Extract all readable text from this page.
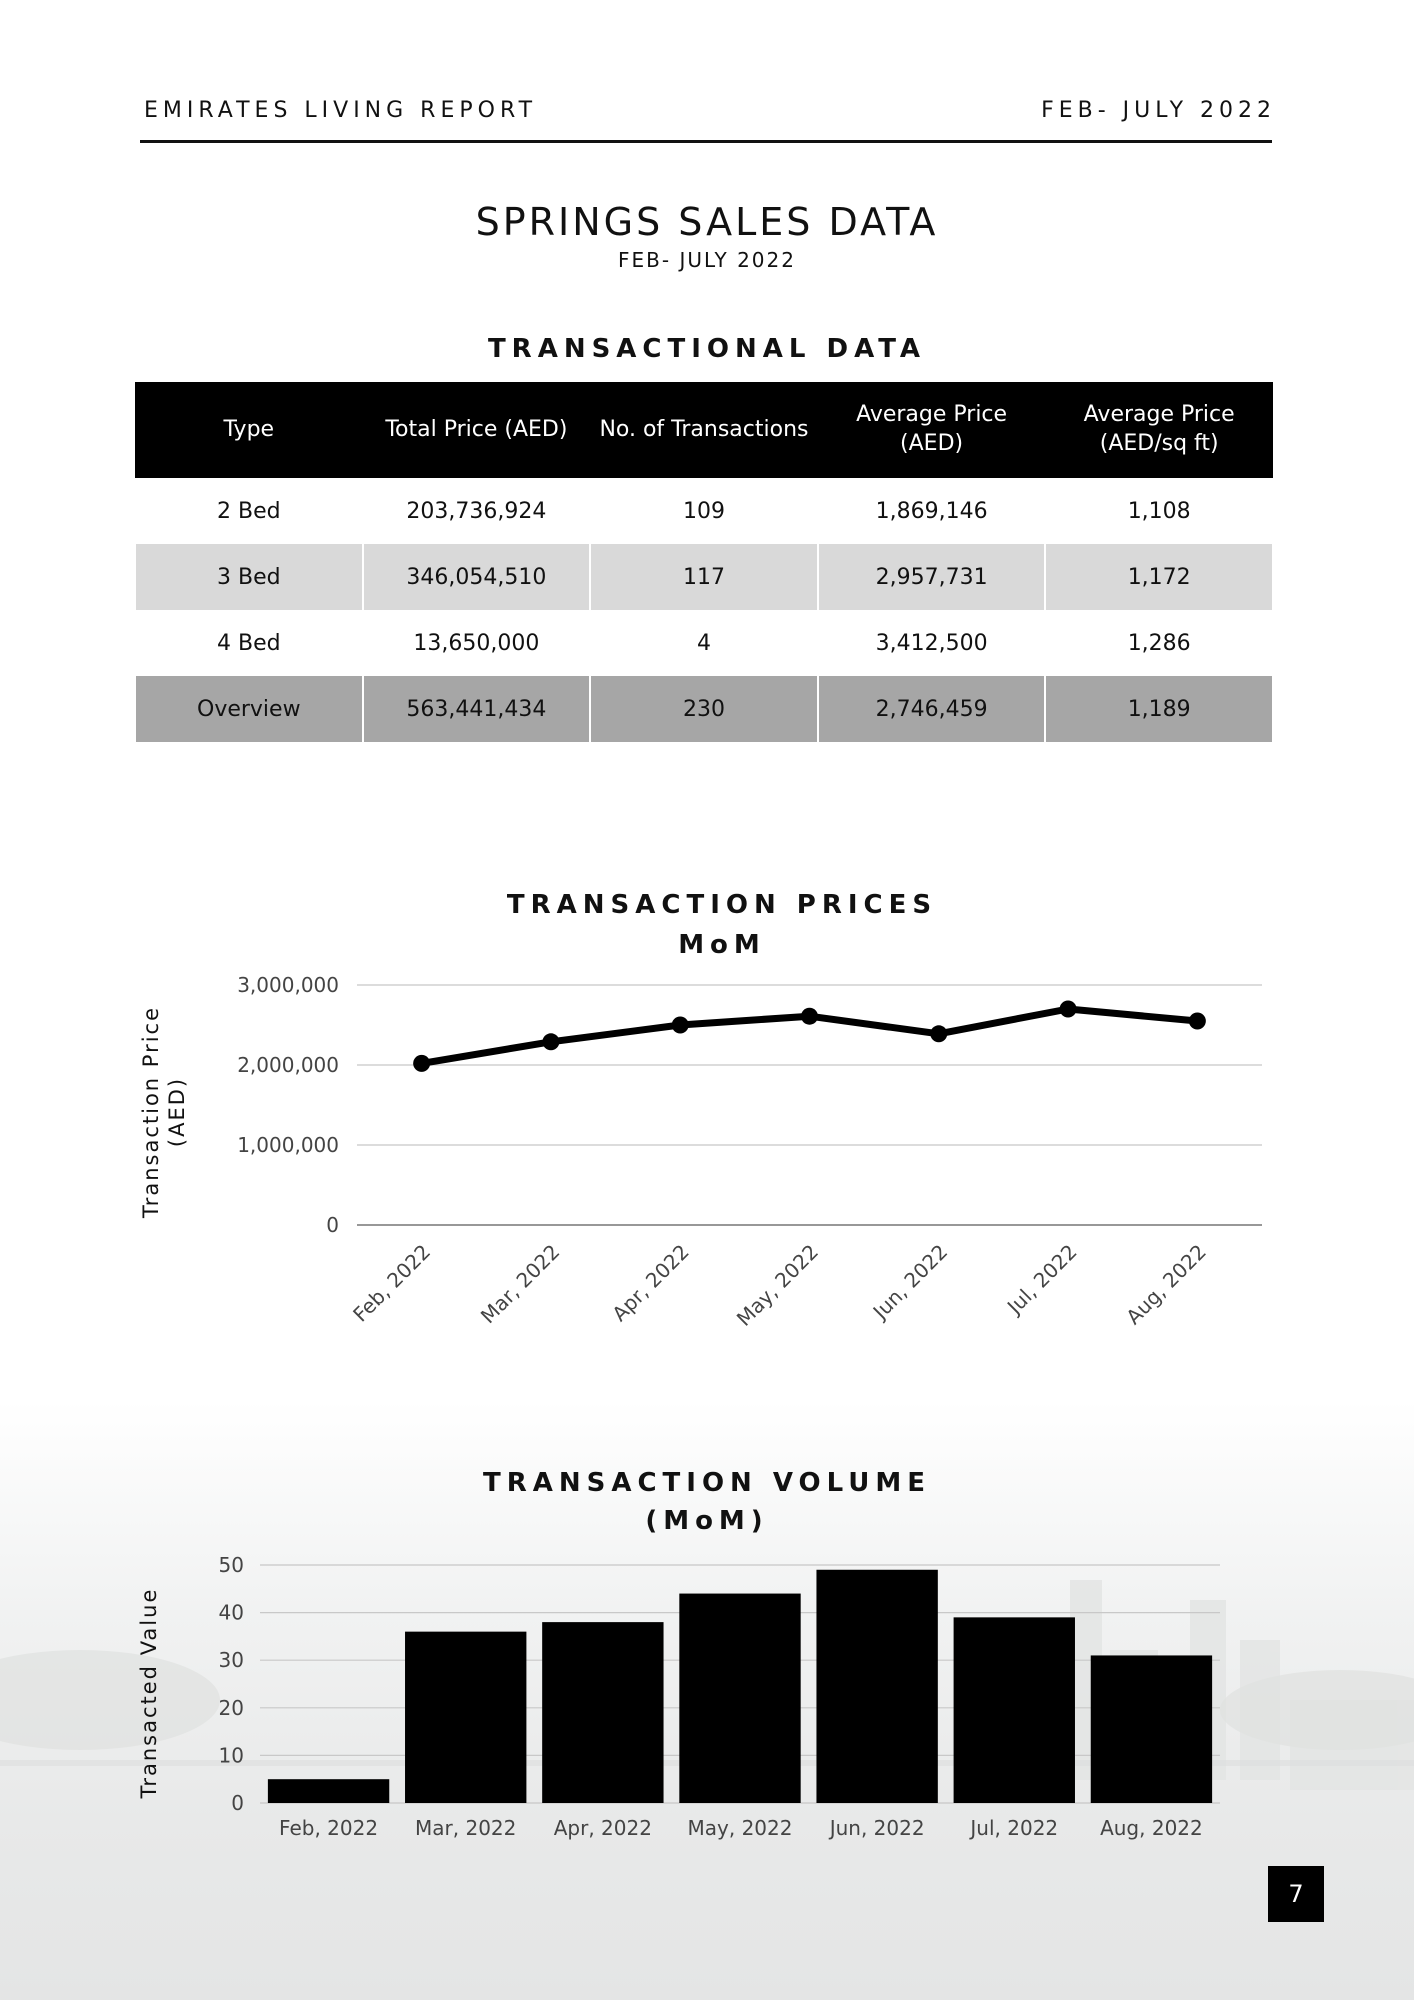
EMIRATES LIVING REPORT	FEB- JULY 2022
SPRINGS SALES DATA
FEB- JULY 2022
TRANSACTIONAL DATA
Type	Total Price (AED)	No. of Transactions	Average Price (AED)	Average Price (AED/sq ft)
2 Bed	203,736,924	109	1,869,146	1,108
3 Bed	346,054,510	117	2,957,731	1,172
4 Bed	13,650,000	4	3,412,500	1,286
Overview	563,441,434	230	2,746,459	1,189
TRANSACTION PRICES
MoM
Transaction Price (AED)
0
1,000,000
2,000,000
3,000,000
Feb, 2022 Mar, 2022 Apr, 2022 May, 2022 Jun, 2022	Jul, 2022 Aug, 2022
TRANSACTION VOLUME
(MoM)
Transacted Value
0
10
20
30
40
50
Feb, 2022 Mar, 2022 Apr, 2022 May, 2022 Jun, 2022 Jul, 2022 Aug, 2022
7
